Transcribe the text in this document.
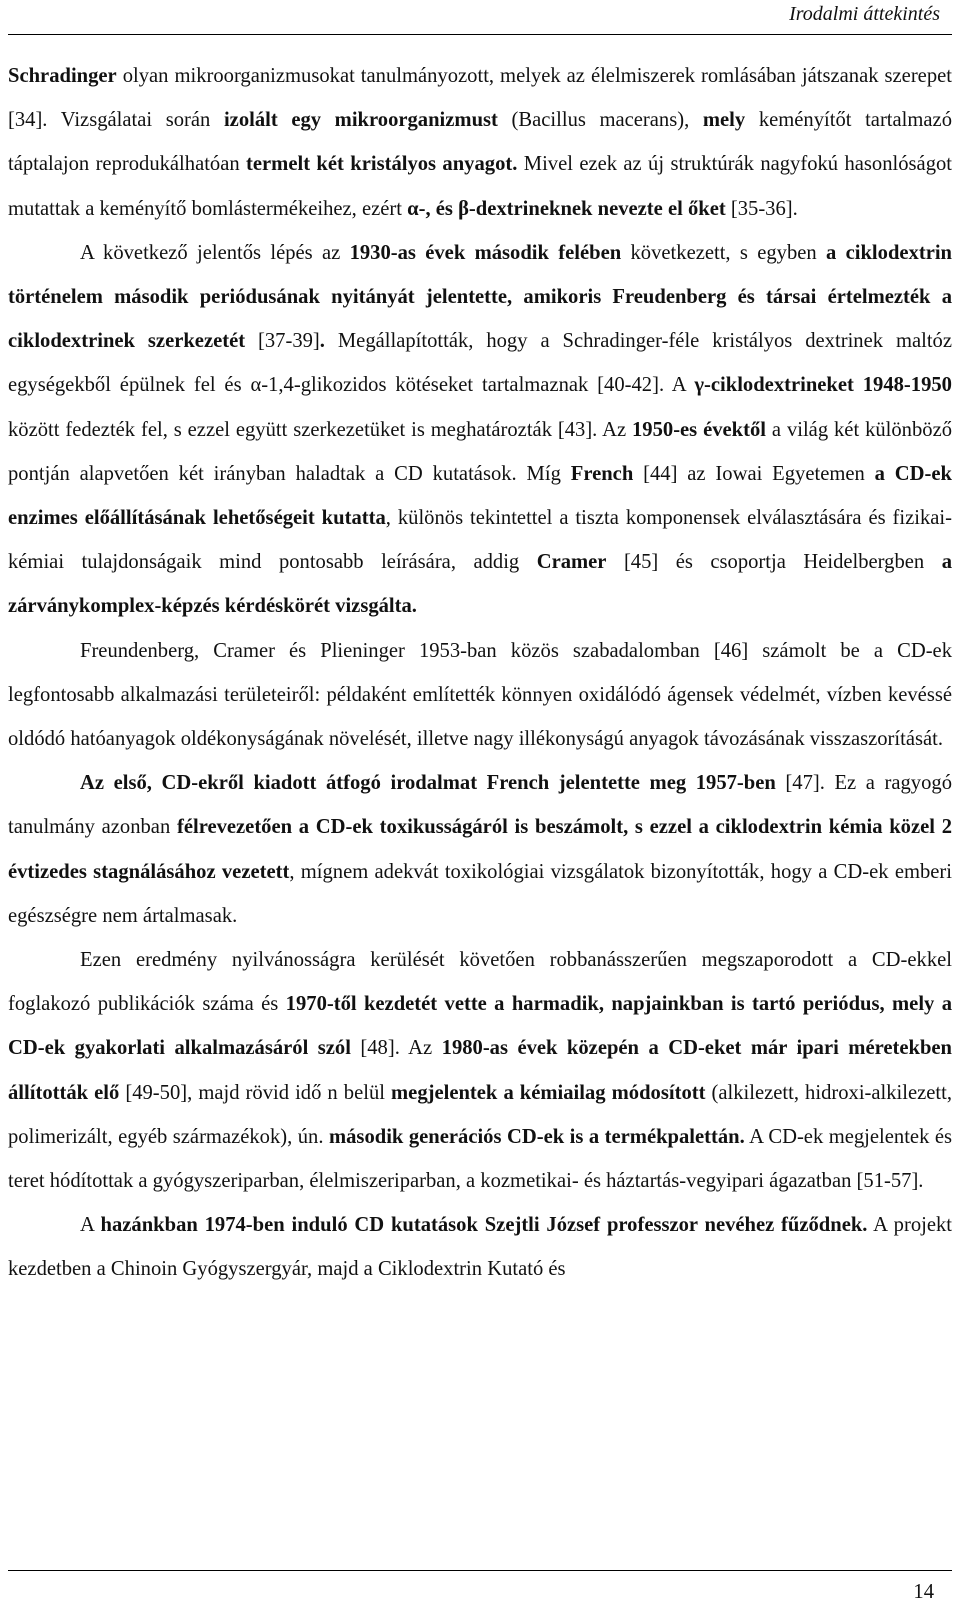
Irodalmi áttekintés

Schradinger olyan mikroorganizmusokat tanulmányozott, melyek az élelmiszerek romlásában játszanak szerepet [34]. Vizsgálatai során izolált egy mikroorganizmust (Bacillus macerans), mely keményítőt tartalmazó táptalajon reprodukálhatóan termelt két kristályos anyagot. Mivel ezek az új struktúrák nagyfokú hasonlóságot mutattak a keményítő bomlástermékeihez, ezért α-, és β-dextrineknek nevezte el őket [35-36].

A következő jelentős lépés az 1930-as évek második felében következett, s egyben a ciklodextrin történelem második periódusának nyitányát jelentette, amikoris Freudenberg és társai értelmezték a ciklodextrinek szerkezetét [37-39]. Megállapították, hogy a Schradinger-féle kristályos dextrinek maltóz egységekből épülnek fel és α-1,4-glikozidos kötéseket tartalmaznak [40-42]. A γ-ciklodextrineket 1948-1950 között fedezték fel, s ezzel együtt szerkezetüket is meghatározták [43]. Az 1950-es évektől a világ két különböző pontján alapvetően két irányban haladtak a CD kutatások. Míg French [44] az Iowai Egyetemen a CD-ek enzimes előállításának lehetőségeit kutatta, különös tekintettel a tiszta komponensek elválasztására és fizikai-kémiai tulajdonságaik mind pontosabb leírására, addig Cramer [45] és csoportja Heidelbergben a zárványkomplex-képzés kérdéskörét vizsgálta.

Freundenberg, Cramer és Plieninger 1953-ban közös szabadalomban [46] számolt be a CD-ek legfontosabb alkalmazási területeiről: példaként említették könnyen oxidálódó ágensek védelmét, vízben kevéssé oldódó hatóanyagok oldékonyságának növelését, illetve nagy illékonyságú anyagok távozásának visszaszorítását.

Az első, CD-ekről kiadott átfogó irodalmat French jelentette meg 1957-ben [47]. Ez a ragyogó tanulmány azonban félrevezetően a CD-ek toxikusságáról is beszámolt, s ezzel a ciklodextrin kémia közel 2 évtizedes stagnálásához vezetett, mígnem adekvát toxikológiai vizsgálatok bizonyították, hogy a CD-ek emberi egészségre nem ártalmasak.

Ezen eredmény nyilvánosságra kerülését követően robbanásszerűen megszaporodott a CD-ekkel foglakozó publikációk száma és 1970-től kezdetét vette a harmadik, napjainkban is tartó periódus, mely a CD-ek gyakorlati alkalmazásáról szól [48]. Az 1980-as évek közepén a CD-eket már ipari méretekben állították elő [49-50], majd rövid idő n belül megjelentek a kémiailag módosított (alkilezett, hidroxi-alkilezett, polimerizált, egyéb származékok), ún. második generációs CD-ek is a termékpalettán. A CD-ek megjelentek és teret hódítottak a gyógyszeriparban, élelmiszeriparban, a kozmetikai- és háztartás-vegyipari ágazatban [51-57].

A hazánkban 1974-ben induló CD kutatások Szejtli József professzor nevéhez fűződnek. A projekt kezdetben a Chinoin Gyógyszergyár, majd a Ciklodextrin Kutató és

14
